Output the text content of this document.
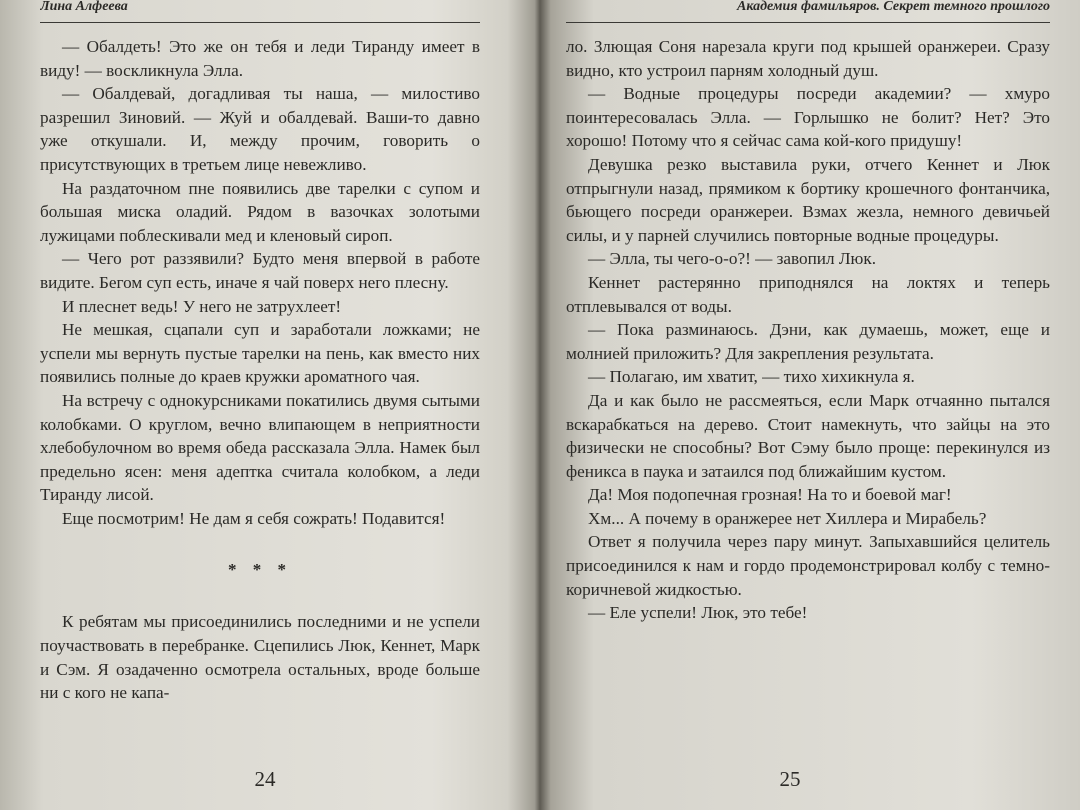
Лина Алфеева

— Обалдеть! Это же он тебя и леди Тиранду имеет в виду! — воскликнула Элла.

— Обалдевай, догадливая ты наша, — милостиво разрешил Зиновий. — Жуй и обалдевай. Ваши-то давно уже откушали. И, между прочим, говорить о присутствующих в третьем лице невежливо.

На раздаточном пне появились две тарелки с супом и большая миска оладий. Рядом в вазочках золотыми лужицами поблескивали мед и кленовый сироп.

— Чего рот раззявили? Будто меня впервой в работе видите. Бегом суп есть, иначе я чай поверх него плесну.

И плеснет ведь! У него не затрухлеет!

Не мешкая, сцапали суп и заработали ложками; не успели мы вернуть пустые тарелки на пень, как вместо них появились полные до краев кружки ароматного чая.

На встречу с однокурсниками покатились двумя сытыми колобками. О круглом, вечно влипающем в неприятности хлебобулочном во время обеда рассказала Элла. Намек был предельно ясен: меня адептка считала колобком, а леди Тиранду лисой.

Еще посмотрим! Не дам я себя сожрать! Подавится!

* * *

К ребятам мы присоединились последними и не успели поучаствовать в перебранке. Сцепились Люк, Кеннет, Марк и Сэм. Я озадаченно осмотрела остальных, вроде больше ни с кого не капа-

24
Академия фамильяров. Секрет темного прошлого

ло. Злющая Соня нарезала круги под крышей оранжереи. Сразу видно, кто устроил парням холодный душ.

— Водные процедуры посреди академии? — хмуро поинтересовалась Элла. — Горлышко не болит? Нет? Это хорошо! Потому что я сейчас сама кой-кого придушу!

Девушка резко выставила руки, отчего Кеннет и Люк отпрыгнули назад, прямиком к бортику крошечного фонтанчика, бьющего посреди оранжереи. Взмах жезла, немного девичьей силы, и у парней случились повторные водные процедуры.

— Элла, ты чего-о-о?! — завопил Люк.

Кеннет растерянно приподнялся на локтях и теперь отплевывался от воды.

— Пока разминаюсь. Дэни, как думаешь, может, еще и молнией приложить? Для закрепления результата.

— Полагаю, им хватит, — тихо хихикнула я.

Да и как было не рассмеяться, если Марк отчаянно пытался вскарабкаться на дерево. Стоит намекнуть, что зайцы на это физически не способны? Вот Сэму было проще: перекинулся из феникса в паука и затаился под ближайшим кустом.

Да! Моя подопечная грозная! На то и боевой маг!

Хм... А почему в оранжерее нет Хиллера и Мирабель?

Ответ я получила через пару минут. Запыхавшийся целитель присоединился к нам и гордо продемонстрировал колбу с темно-коричневой жидкостью.

— Еле успели! Люк, это тебе!

25
